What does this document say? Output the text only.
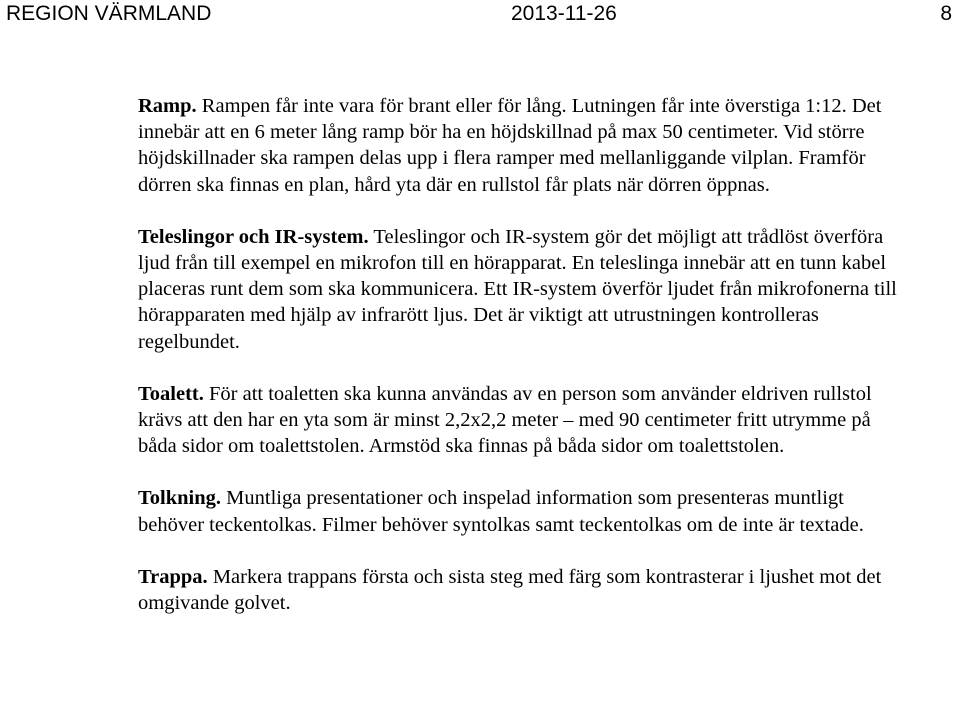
REGION VÄRMLAND	2013-11-26	8

Ramp. Rampen får inte vara för brant eller för lång. Lutningen får inte överstiga 1:12. Det innebär att en 6 meter lång ramp bör ha en höjdskillnad på max 50 centimeter. Vid större höjdskillnader ska rampen delas upp i flera ramper med mellanliggande vilplan. Framför dörren ska finnas en plan, hård yta där en rullstol får plats när dörren öppnas.

Teleslingor och IR-system. Teleslingor och IR-system gör det möjligt att trådlöst överföra ljud från till exempel en mikrofon till en hörapparat. En teleslinga innebär att en tunn kabel placeras runt dem som ska kommunicera. Ett IR-system överför ljudet från mikrofonerna till hörapparaten med hjälp av infrarött ljus. Det är viktigt att utrustningen kontrolleras regelbundet.

Toalett. För att toaletten ska kunna användas av en person som använder eldriven rullstol krävs att den har en yta som är minst 2,2x2,2 meter – med 90 centimeter fritt utrymme på båda sidor om toalettstolen. Armstöd ska finnas på båda sidor om toalettstolen.

Tolkning. Muntliga presentationer och inspelad information som presenteras muntligt behöver teckentolkas. Filmer behöver syntolkas samt teckentolkas om de inte är textade.

Trappa. Markera trappans första och sista steg med färg som kontrasterar i ljushet mot det omgivande golvet.
